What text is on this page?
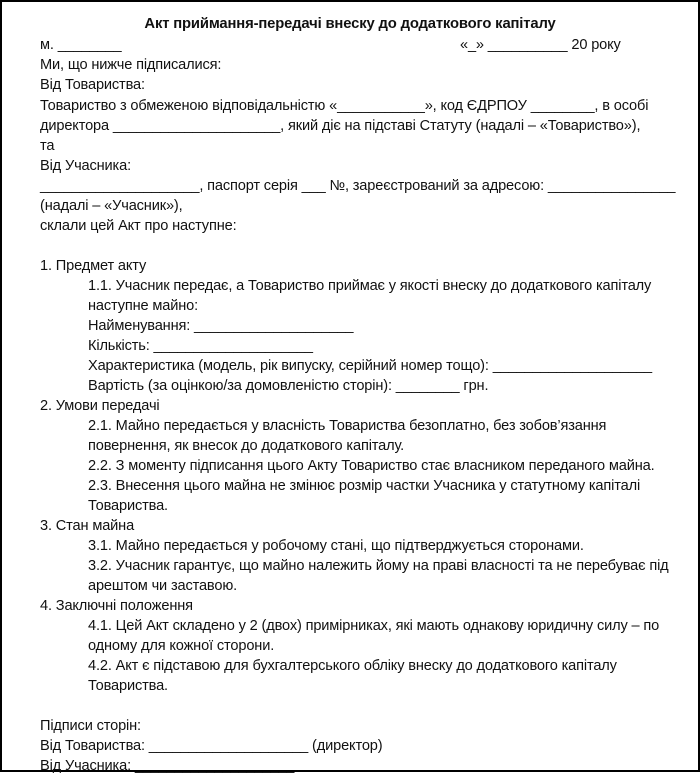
Акт приймання-передачі внеску до додаткового капіталу
м. ________	«_» __________ 20 року
Ми, що нижче підписалися:
Від Товариства:
Товариство з обмеженою відповідальністю «___________», код ЄДРПОУ ________, в особі
директора _____________________, який діє на підставі Статуту (надалі – «Товариство»),
та
Від Учасника:
____________________, паспорт серія ___ №, зареєстрований за адресою: ________________
(надалі – «Учасник»),
склали цей Акт про наступне:
1. Предмет акту
1.1. Учасник передає, а Товариство приймає у якості внеску до додаткового капіталу
наступне майно:
Найменування: ____________________
Кількість: ____________________
Характеристика (модель, рік випуску, серійний номер тощо): ____________________
Вартість (за оцінкою/за домовленістю сторін): ________ грн.
2. Умови передачі
2.1. Майно передається у власність Товариства безоплатно, без зобов’язання
повернення, як внесок до додаткового капіталу.
2.2. З моменту підписання цього Акту Товариство стає власником переданого майна.
2.3. Внесення цього майна не змінює розмір частки Учасника у статутному капіталі
Товариства.
3. Стан майна
3.1. Майно передається у робочому стані, що підтверджується сторонами.
3.2. Учасник гарантує, що майно належить йому на праві власності та не перебуває під
арештом чи заставою.
4. Заключні положення
4.1. Цей Акт складено у 2 (двох) примірниках, які мають однакову юридичну силу – по
одному для кожної сторони.
4.2. Акт є підставою для бухгалтерського обліку внеску до додаткового капіталу
Товариства.
Підписи сторін:
Від Товариства: ____________________ (директор)
Від Учасника: ____________________
